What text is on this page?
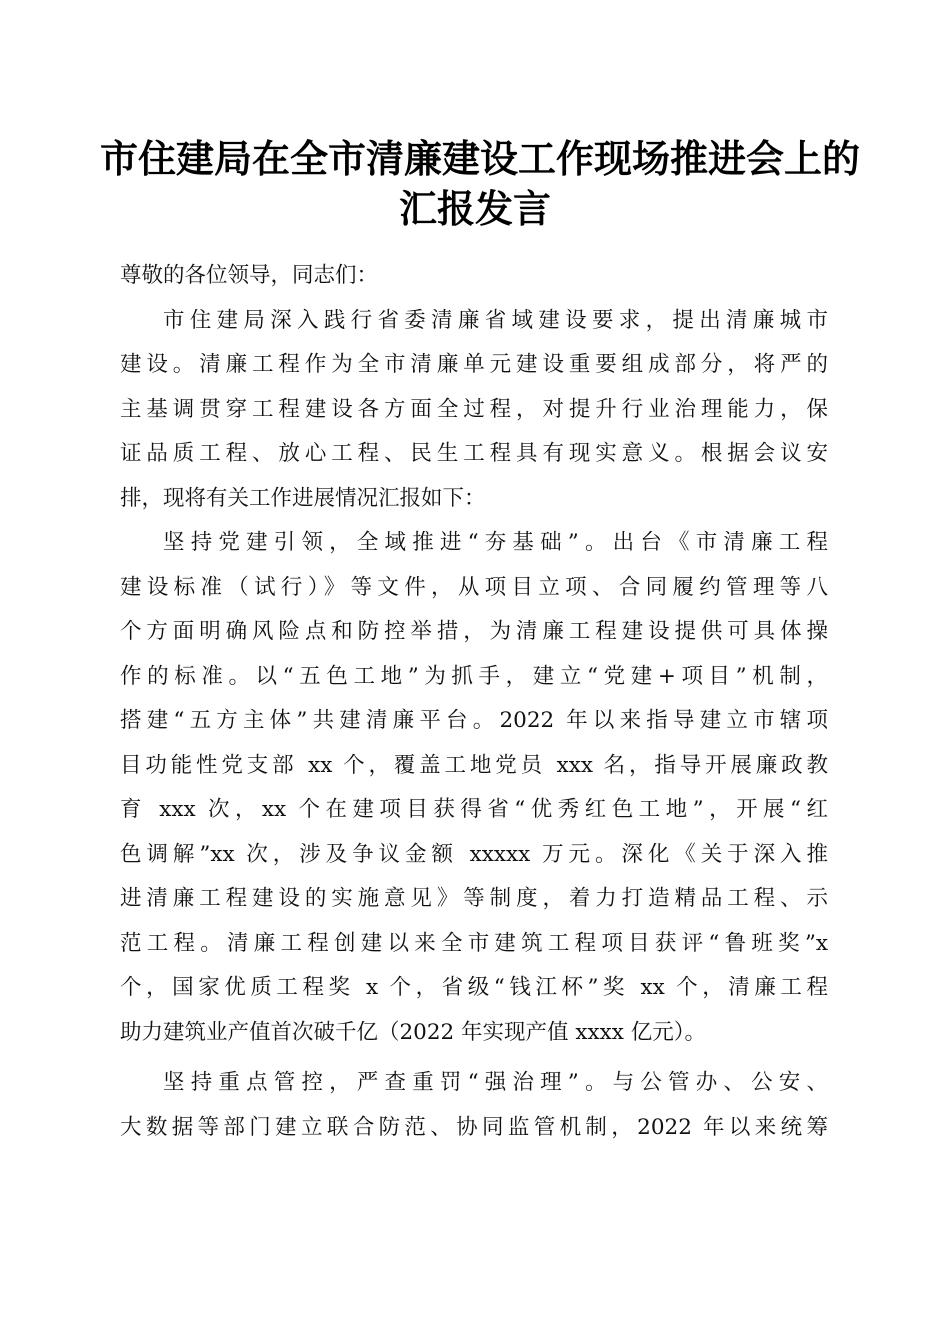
市住建局在全市清廉建设工作现场推进会上的
汇报发言
尊敬的各位领导，同志们：
市住建局深入践行省委清廉省域建设要求，提出清廉城市
建设。清廉工程作为全市清廉单元建设重要组成部分，将严的
主基调贯穿工程建设各方面全过程，对提升行业治理能力，保
证品质工程、放心工程、民生工程具有现实意义。根据会议安
排，现将有关工作进展情况汇报如下：
坚持党建引领，全域推进“夯基础”。出台《市清廉工程
建设标准（试行）》等文件，从项目立项、合同履约管理等八
个方面明确风险点和防控举措，为清廉工程建设提供可具体操
作的标准。以“五色工地”为抓手，建立“党建+项目”机制，
搭建“五方主体”共建清廉平台。2022 年以来指导建立市辖项
目功能性党支部 xx 个，覆盖工地党员 xxx 名，指导开展廉政教
育 xxx 次，xx 个在建项目获得省“优秀红色工地”，开展“红
色调解”xx 次，涉及争议金额 xxxxx 万元。深化《关于深入推
进清廉工程建设的实施意见》等制度，着力打造精品工程、示
范工程。清廉工程创建以来全市建筑工程项目获评“鲁班奖”x
个，国家优质工程奖 x 个，省级“钱江杯”奖 xx 个，清廉工程
助力建筑业产值首次破千亿（2022 年实现产值 xxxx 亿元）。
坚持重点管控，严查重罚“强治理”。与公管办、公安、
大数据等部门建立联合防范、协同监管机制，2022 年以来统筹
